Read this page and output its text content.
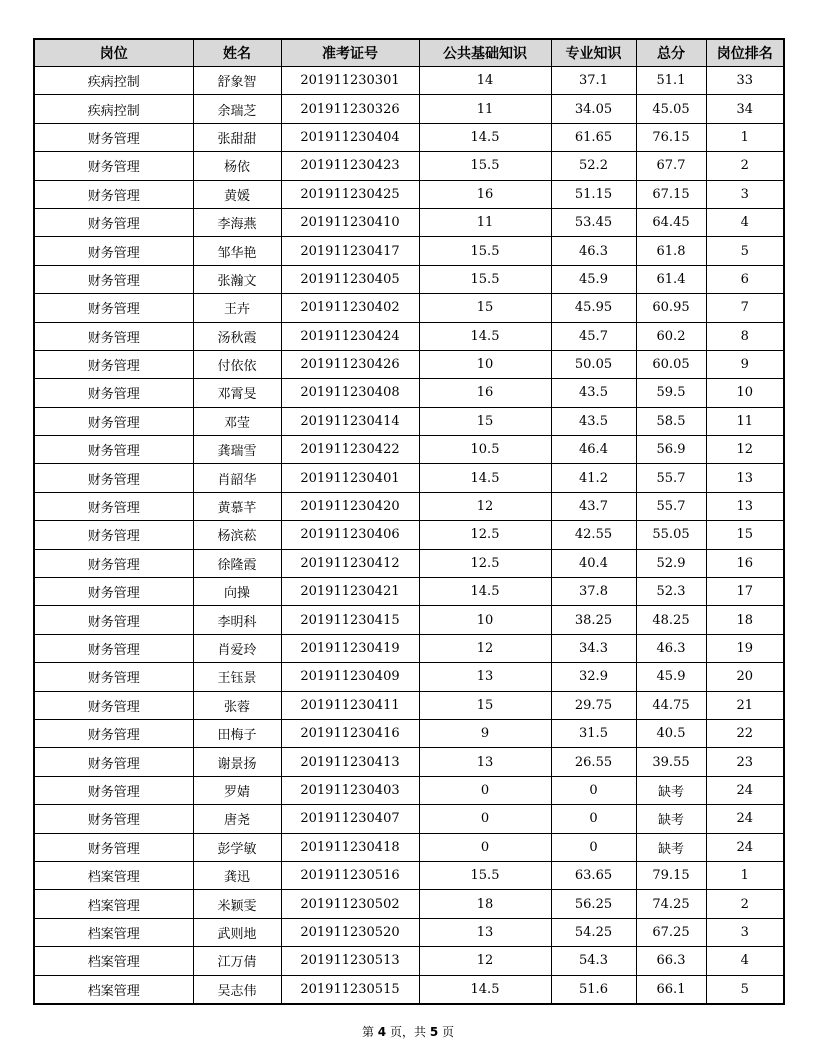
岗位	姓名	准考证号	公共基础知识	专业知识	总分	岗位排名
疾病控制	舒象智	201911230301	14	37.1	51.1	33
疾病控制	余瑞芝	201911230326	11	34.05	45.05	34
财务管理	张甜甜	201911230404	14.5	61.65	76.15	1
财务管理	杨依	201911230423	15.5	52.2	67.7	2
财务管理	黄媛	201911230425	16	51.15	67.15	3
财务管理	李海燕	201911230410	11	53.45	64.45	4
财务管理	邹华艳	201911230417	15.5	46.3	61.8	5
财务管理	张瀚文	201911230405	15.5	45.9	61.4	6
财务管理	王卉	201911230402	15	45.95	60.95	7
财务管理	汤秋霞	201911230424	14.5	45.7	60.2	8
财务管理	付依依	201911230426	10	50.05	60.05	9
财务管理	邓霄旻	201911230408	16	43.5	59.5	10
财务管理	邓莹	201911230414	15	43.5	58.5	11
财务管理	龚瑞雪	201911230422	10.5	46.4	56.9	12
财务管理	肖韶华	201911230401	14.5	41.2	55.7	13
财务管理	黄慕芊	201911230420	12	43.7	55.7	13
财务管理	杨滨菘	201911230406	12.5	42.55	55.05	15
财务管理	徐隆霞	201911230412	12.5	40.4	52.9	16
财务管理	向操	201911230421	14.5	37.8	52.3	17
财务管理	李明科	201911230415	10	38.25	48.25	18
财务管理	肖爱玲	201911230419	12	34.3	46.3	19
财务管理	王钰景	201911230409	13	32.9	45.9	20
财务管理	张蓉	201911230411	15	29.75	44.75	21
财务管理	田梅子	201911230416	9	31.5	40.5	22
财务管理	谢景扬	201911230413	13	26.55	39.55	23
财务管理	罗婧	201911230403	0	0	缺考	24
财务管理	唐尧	201911230407	0	0	缺考	24
财务管理	彭学敏	201911230418	0	0	缺考	24
档案管理	龚迅	201911230516	15.5	63.65	79.15	1
档案管理	米颖雯	201911230502	18	56.25	74.25	2
档案管理	武则地	201911230520	13	54.25	67.25	3
档案管理	江万倩	201911230513	12	54.3	66.3	4
档案管理	吴志伟	201911230515	14.5	51.6	66.1	5
第 4 页，共 5 页
